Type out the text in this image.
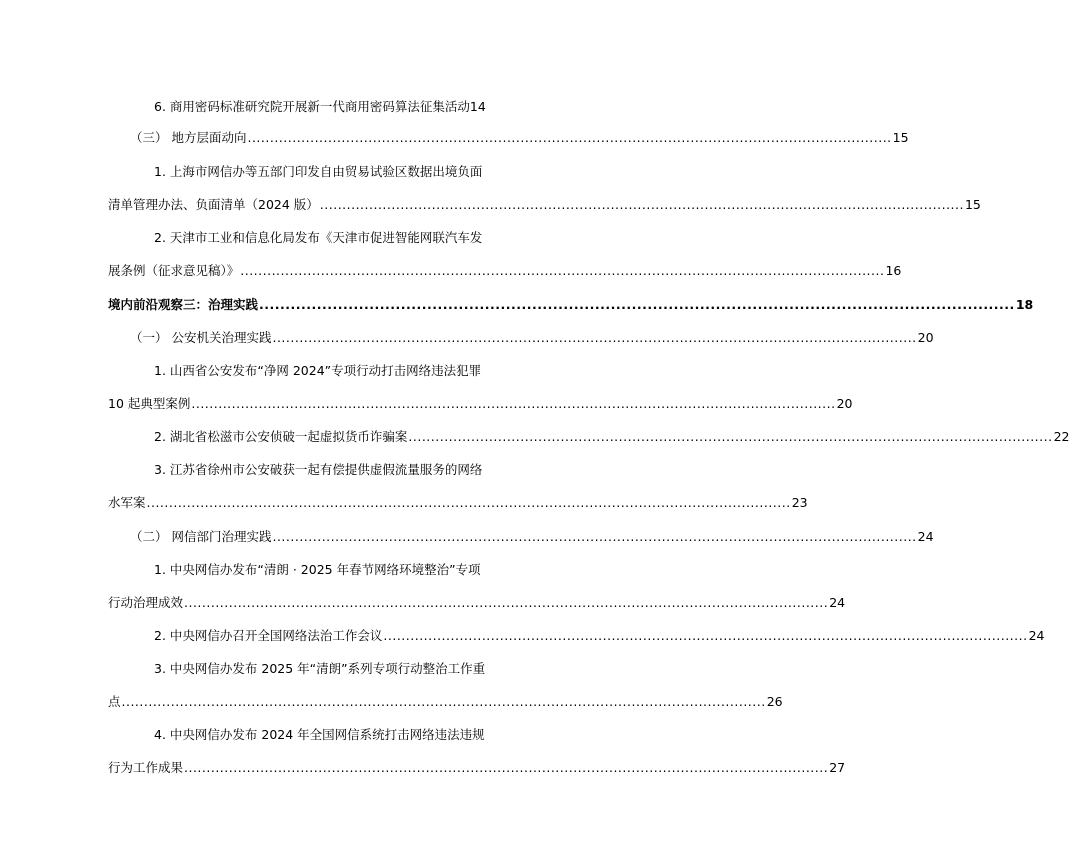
6. 商用密码标准研究院开展新一代商用密码算法征集活动 14
（三） 地方层面动向 ................................................................................................................................................ 15
1. 上海市网信办等五部门印发自由贸易试验区数据出境负面
清单管理办法、负面清单（2024 版） ................................................................................................................................................ 15
2. 天津市工业和信息化局发布《天津市促进智能网联汽车发
展条例（征求意见稿）》 ................................................................................................................................................ 16
境内前沿观察三：治理实践 ................................................................................................................................................ 18
（一） 公安机关治理实践 ................................................................................................................................................ 20
1. 山西省公安发布“净网 2024”专项行动打击网络违法犯罪
10 起典型案例 ................................................................................................................................................ 20
2. 湖北省松滋市公安侦破一起虚拟货币诈骗案 ................................................................................................................................................ 22
3. 江苏省徐州市公安破获一起有偿提供虚假流量服务的网络
水军案 ................................................................................................................................................ 23
（二） 网信部门治理实践 ................................................................................................................................................ 24
1. 中央网信办发布“清朗 · 2025 年春节网络环境整治”专项
行动治理成效 ................................................................................................................................................ 24
2. 中央网信办召开全国网络法治工作会议 ................................................................................................................................................ 24
3. 中央网信办发布 2025 年“清朗”系列专项行动整治工作重
点 ................................................................................................................................................ 26
4. 中央网信办发布 2024 年全国网信系统打击网络违法违规
行为工作成果 ................................................................................................................................................ 27
